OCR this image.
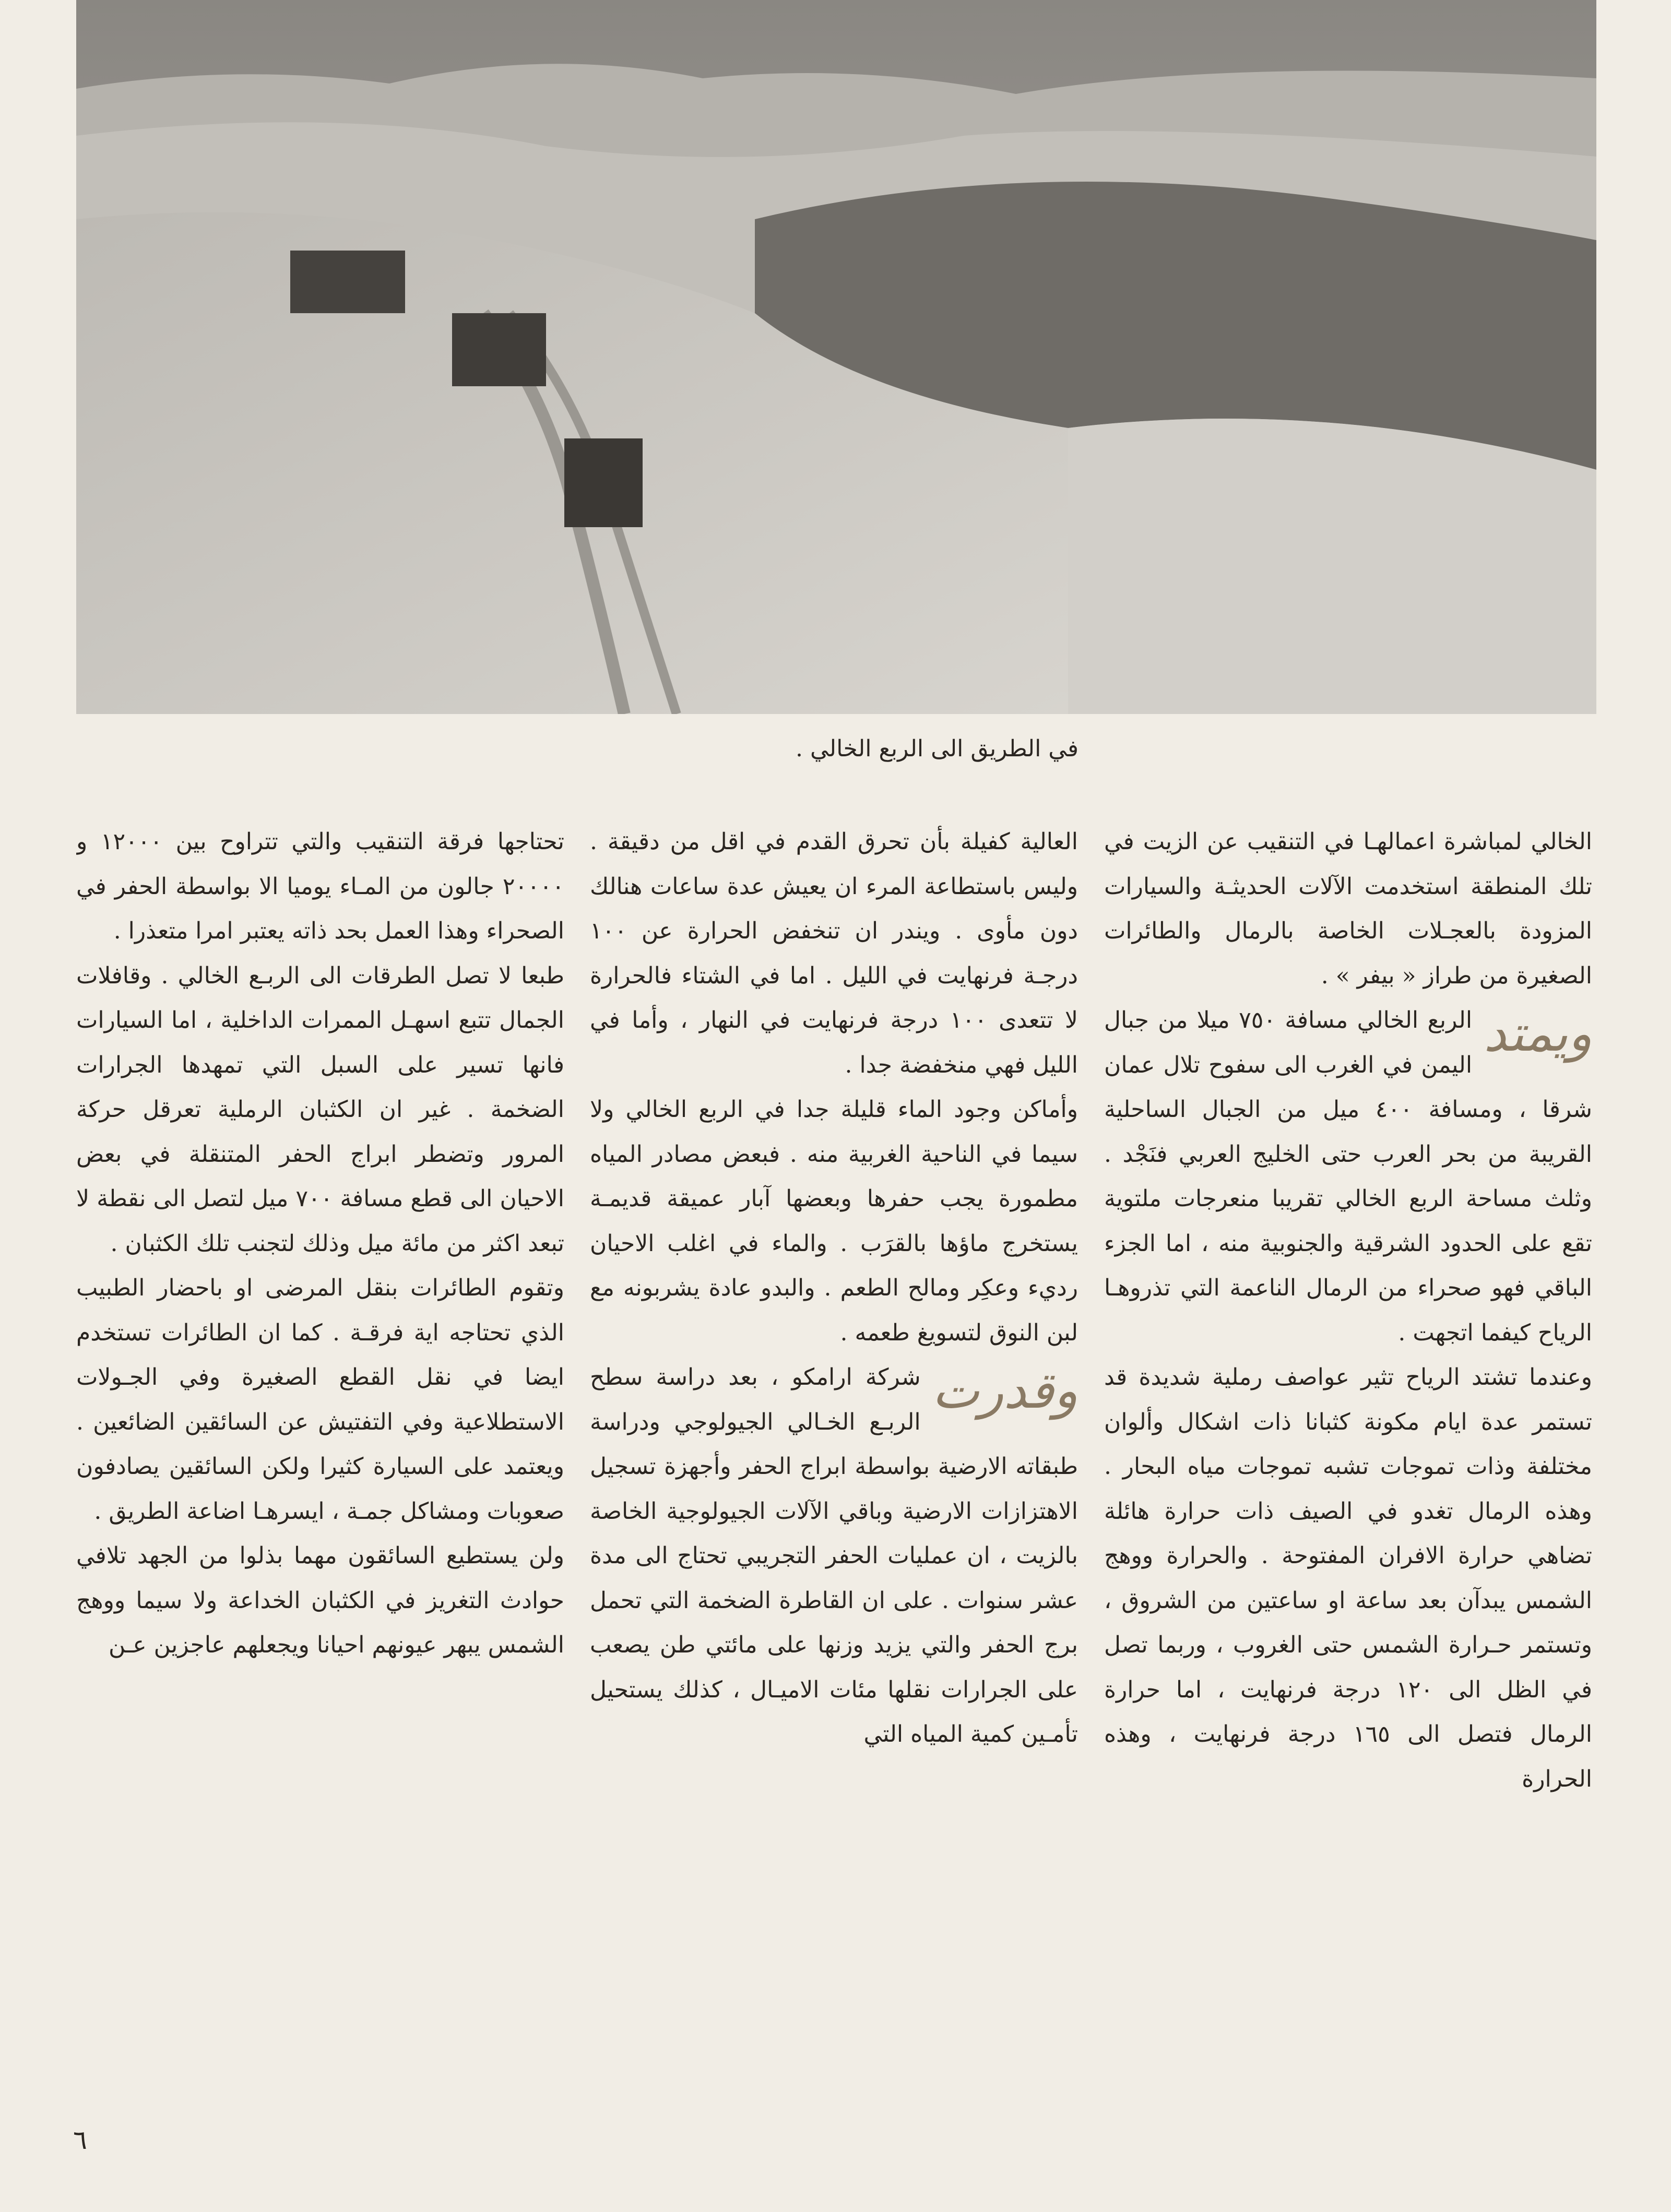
في الطريق الى الربع الخالي .

الخالي لمباشرة اعمالهـا في التنقيب عن الزيت في تلك المنطقة استخدمت الآلات الحديثـة والسيارات المزودة بالعجـلات الخاصة بالرمال والطائرات الصغيرة من طراز « بيفر » .

ويمتد
الربع الخالي مسافة ٧٥٠ ميلا من جبال اليمن في الغرب الى سفوح تلال عمان شرقا ، ومسافة ٤٠٠ ميل من الجبال الساحلية القريبة من بحر العرب حتى الخليج العربي فنَجْد . وثلث مساحة الربع الخالي تقريبا منعرجات ملتوية تقع على الحدود الشرقية والجنوبية منه ، اما الجزء الباقي فهو صحراء من الرمال الناعمة التي تذروهـا الرياح كيفما اتجهت .

وعندما تشتد الرياح تثير عواصف رملية شديدة قد تستمر عدة ايام مكونة كثبانا ذات اشكال وألوان مختلفة وذات تموجات تشبه تموجات مياه البحار . وهذه الرمال تغدو في الصيف ذات حرارة هائلة تضاهي حرارة الافران المفتوحة . والحرارة ووهج الشمس يبدآن بعد ساعة او ساعتين من الشروق ، وتستمر حـرارة الشمس حتى الغروب ، وربما تصل في الظل الى ١٢٠ درجة فرنهايت ، اما حرارة الرمال فتصل الى ١٦٥ درجة فرنهايت ، وهذه الحرارة

العالية كفيلة بأن تحرق القدم في اقل من دقيقة . وليس باستطاعة المرء ان يعيش عدة ساعات هنالك دون مأوى . ويندر ان تنخفض الحرارة عن ١٠٠ درجـة فرنهايت في الليل . اما في الشتاء فالحرارة لا تتعدى ١٠٠ درجة فرنهايت في النهار ، وأما في الليل فهي منخفضة جدا .

وأماكن وجود الماء قليلة جدا في الربع الخالي ولا سيما في الناحية الغربية منه . فبعض مصادر المياه مطمورة يجب حفرها وبعضها آبار عميقة قديمـة يستخرج ماؤها بالقرَب . والماء في اغلب الاحيان رديء وعكِر ومالح الطعم . والبدو عادة يشربونه مع لبن النوق لتسويغ طعمه .

وقدرت
شركة ارامكو ، بعد دراسة سطح الربـع الخـالي الجيولوجي ودراسة طبقاته الارضية بواسطة ابراج الحفر وأجهزة تسجيل الاهتزازات الارضية وباقي الآلات الجيولوجية الخاصة بالزيت ، ان عمليات الحفر التجريبي تحتاج الى مدة عشر سنوات . على ان القاطرة الضخمة التي تحمل برج الحفر والتي يزيد وزنها على مائتي طن يصعب على الجرارات نقلها مئات الاميـال ، كذلك يستحيل تأمـين كمية المياه التي

تحتاجها فرقة التنقيب والتي تتراوح بين ١٢٠٠٠ و ٢٠٠٠٠ جالون من المـاء يوميا الا بواسطة الحفر في الصحراء وهذا العمل بحد ذاته يعتبر امرا متعذرا .

طبعا لا تصل الطرقات الى الربـع الخالي . وقافلات الجمال تتبع اسهـل الممرات الداخلية ، اما السيارات فانها تسير على السبل التي تمهدها الجرارات الضخمة . غير ان الكثبان الرملية تعرقل حركة المرور وتضطر ابراج الحفر المتنقلة في بعض الاحيان الى قطع مسافة ٧٠٠ ميل لتصل الى نقطة لا تبعد اكثر من مائة ميل وذلك لتجنب تلك الكثبان .

وتقوم الطائرات بنقل المرضى او باحضار الطبيب الذي تحتاجه اية فرقـة . كما ان الطائرات تستخدم ايضا في نقل القطع الصغيرة وفي الجـولات الاستطلاعية وفي التفتيش عن السائقين الضائعين . ويعتمد على السيارة كثيرا ولكن السائقين يصادفون صعوبات ومشاكل جمـة ، ايسرهـا اضاعة الطريق .

ولن يستطيع السائقون مهما بذلوا من الجهد تلافي حوادث التغريز في الكثبان الخداعة ولا سيما ووهج الشمس يبهر عيونهم احيانا ويجعلهم عاجزين عـن

٦
